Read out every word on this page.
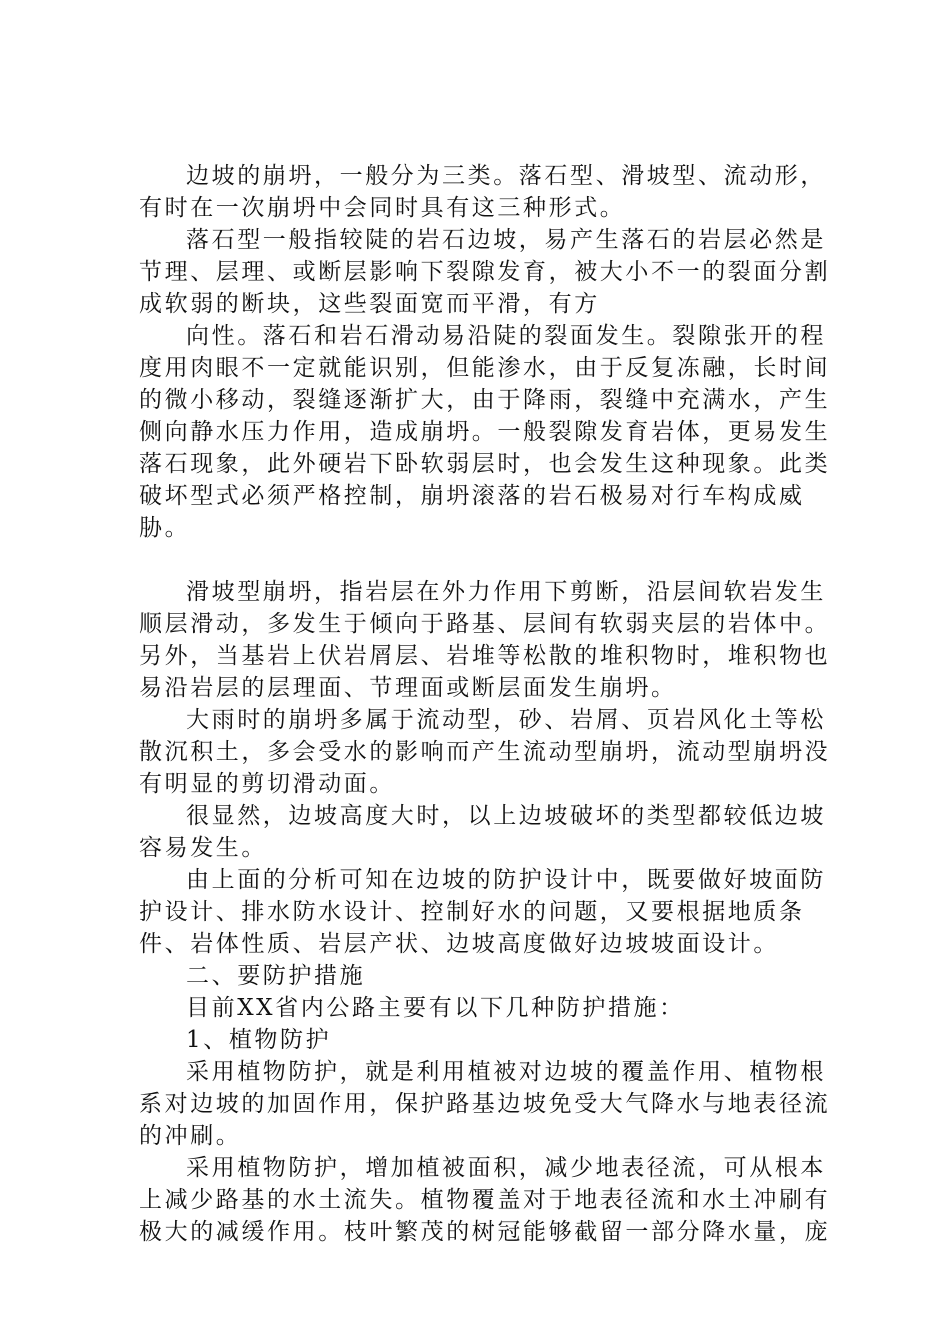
边坡的崩坍，一般分为三类。落石型、滑坡型、流动形，有时在一次崩坍中会同时具有这三种形式。

落石型一般指较陡的岩石边坡，易产生落石的岩层必然是节理、层理、或断层影响下裂隙发育，被大小不一的裂面分割成软弱的断块，这些裂面宽而平滑，有方

向性。落石和岩石滑动易沿陡的裂面发生。裂隙张开的程度用肉眼不一定就能识别，但能渗水，由于反复冻融，长时间的微小移动，裂缝逐渐扩大，由于降雨，裂缝中充满水，产生侧向静水压力作用，造成崩坍。一般裂隙发育岩体，更易发生落石现象，此外硬岩下卧软弱层时，也会发生这种现象。此类破坏型式必须严格控制，崩坍滚落的岩石极易对行车构成威胁。

滑坡型崩坍，指岩层在外力作用下剪断，沿层间软岩发生顺层滑动，多发生于倾向于路基、层间有软弱夹层的岩体中。另外，当基岩上伏岩屑层、岩堆等松散的堆积物时，堆积物也易沿岩层的层理面、节理面或断层面发生崩坍。

大雨时的崩坍多属于流动型，砂、岩屑、页岩风化土等松散沉积土，多会受水的影响而产生流动型崩坍，流动型崩坍没有明显的剪切滑动面。

很显然，边坡高度大时，以上边坡破坏的类型都较低边坡容易发生。

由上面的分析可知在边坡的防护设计中，既要做好坡面防护设计、排水防水设计、控制好水的问题，又要根据地质条件、岩体性质、岩层产状、边坡高度做好边坡坡面设计。

二、要防护措施

目前XX省内公路主要有以下几种防护措施：

1、植物防护

采用植物防护，就是利用植被对边坡的覆盖作用、植物根系对边坡的加固作用，保护路基边坡免受大气降水与地表径流的冲刷。

采用植物防护，增加植被面积，减少地表径流，可从根本上减少路基的水土流失。植物覆盖对于地表径流和水土冲刷有极大的减缓作用。枝叶繁茂的树冠能够截留一部分降水量，庞
